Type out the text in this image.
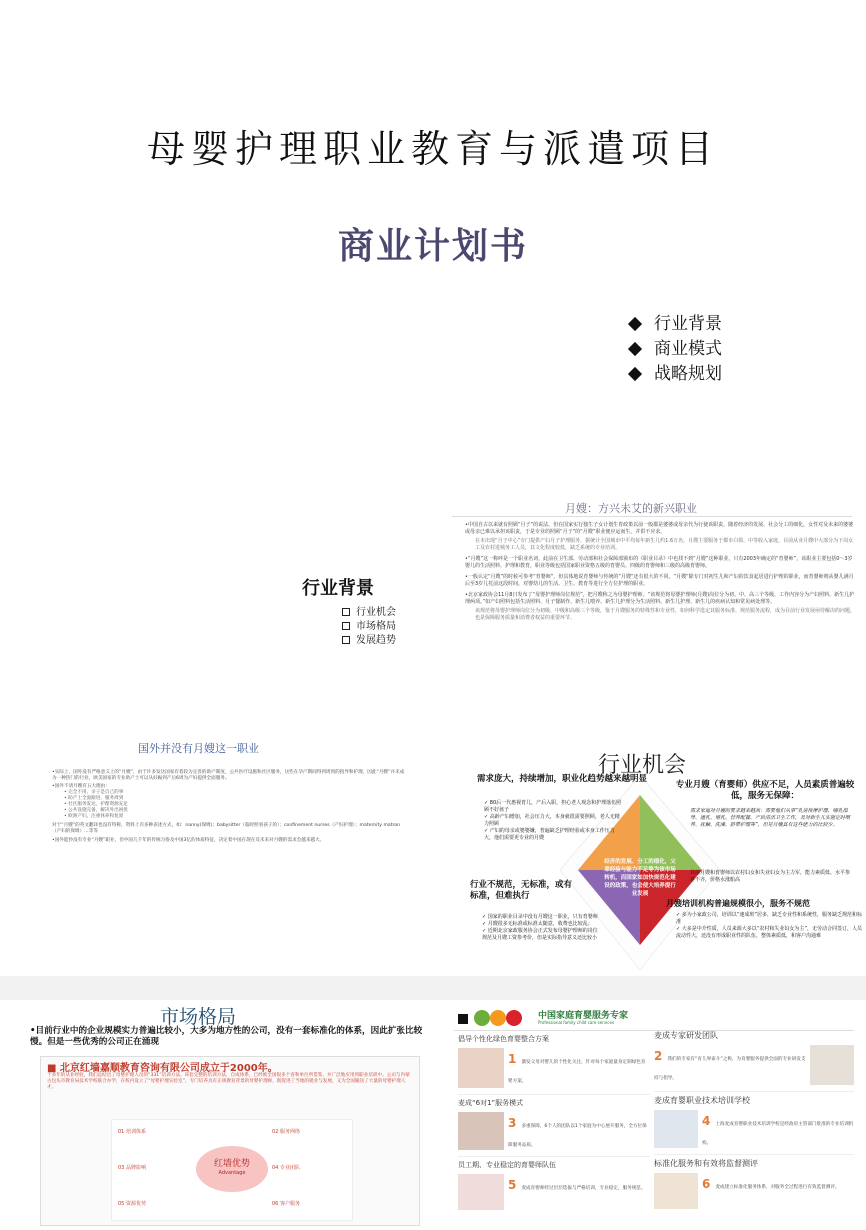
母婴护理职业教育与派遣项目
商业计划书
行业背景
商业模式
战略规划
月嫂：方兴未艾的新兴职业
行业背景
行业机会
市场格局
发展趋势
•中国自古以来就有照顾“月子”的说法，但在国家实行独生子女计划生育政策以前一般都是婆婆或母亲代为行使该职责。随着经济的发展、社会分工的细化，女性对及未来的婆婆或母亲已难以承担该职责，于是专业的照顾“月子”的“月嫂”职业便应运而生，并供不应求。
在本出现“月子中心”专门提供产妇月子护理服务，据统计全国城市中平均每年新生儿约1.6万名，月嫂主要服务于都市白领、中等收入家庭，目前从业月嫂中大部分为下岗女工及农村进城务工人员，其文化程度较低，缺乏系统的专业培训。
•“月嫂”这一称呼是一个职业名词，此前在卫生部、劳动部和社会保障部颁布的《职业目录》中也找不到“月嫂”这种职业，只有2003年确定的“育婴师”，该职业主要包括0～3岁婴儿的生活照料、护理和教育，职业等级包括国家职业资格五级的育婴员、四级的育婴师和三级的高级育婴师。
•一般认定“月嫂”的时候可参考“育婴师”，但具体地说育婴师与传统的“月嫂”还有很大的不同。“月嫂”除专门对初生儿和产妇的饮食起居进行护理的职业，而育婴师则从婴儿满月后至3岁儿托前这段时间，对婴幼儿的生活、卫生、教育等进行全方位护理的职业。
•北京家政协会11月8日发布了“母婴护理师岗位规范”，把月嫂称之为母婴护理师。“该规范将母婴护理师(月嫂)岗位分为初、中、高三个等级，工作内容分为产妇照料、新生儿护理两项。”如产妇照料包括生活照料、月子餐制作、新生儿喂养、新生儿护理分为生活照料、新生儿护理、新生儿的疾病认知和常见病处理等。
该规范将母婴护理师岗位分为初级、中级和高级三个等级，鉴于月嫂服务的特殊性和专业性，如何科学选定其服务标准、规范服务流程，成为目前行业发展亟待解决的问题，也是保障服务质量和消费者权益的重要环节。
国外并没有月嫂这一职业
•实际上，国外没有严格意义上的“月嫂”，由于许多发达国家有着较为完善的助产制度、公共医疗设施和社区服务，这些在孕产期间得到周到的指导和护理，因此“月嫂”并未成为一种热门的行业，欧美国家的专业助产士可以从妊娠到产后6周为产妇提供全面服务。
•国外不请月嫂有五大理由：
• 完全不用，亲子是自己的事
• 助产士全面跟进，服务周到
• 社区服务发达，护理资源充足
• 公共设施完备，解决外出困扰
• 欧洲产妇，注重休养和复原
对于“月嫂”的英文翻译也没有特称，资料上有多种表述方式，如：nanny(保姆)；babysitter（临时照看孩子的）；confinement nurses（产妇护理）；maternity matron（产妇的保姆）…等等
•国外能抄没有专业“月嫂”职业，但中国几千年的传统习俗及中国3亿的体质特征，决定着中国在现在及未来对月嫂的需求会越来越大。
行业机会
经济的发展、分工的细化，父辈经验与能力不足等为该市场转机，而国家如加快规范化建设的政策，也会使大培养提行业发展
需求庞大，持续增加，职业化趋势越来越明显
✓ 80后一代惠视育儿，产后入职，担心老人观念和护理落伍照顾不好孩子
✓ 高龄产妇增加，社会压力大，本身就很需要照顾，老人无精力照顾
✓ 产妇的母亲或婆婆嫌，普遍缺乏护理经验或本身工作压力大，他们需要更专业的月嫂
专业月嫂（育婴师）供应不足，人员素质普遍较低，服务无保障：
需求家庭对月嫂的要求越来越高：需要他们从事“乳房按摩护理、哺乳指导、通乳、增乳、营养配餐、产后清洁卫生工作，及对新生儿实施定时喂养、抚触、洗澡、脐带护理等”，但是月嫂具有这些能力的比较少。
目前月嫂和育婴师以农村妇女和失业妇女为主力军，能力素质低、水平参差不齐，价格水涨船高
行业不规范，无标准，或有标准，但难执行
✓ 国家的职业目录中没有月嫂这一职业，只有育婴师
✓ 月嫂很多无标准或标准太随意，收费也比较乱；
✓ 近期北京家政服务协会正式发布母婴护理师的岗位规范及月嫂工资参考价，但是实际指导意义还比较小
月嫂培训机构普遍规模很小，服务不规范
✓ 多为小家政公司，培训以“速成班”居多，缺乏专业性和系统性，服务缺乏规范和标准
✓ 大多是中介性质，人员来源大多以“农村和失业妇女为主”，无劳动合同签订，人员流动性大，还没有形成职业性的队伍，整体素质低，和客户沟通难
市场格局
•目前行业中的企业规模实力普遍比较小，大多为地方性的公司，没有一套标准化的体系，因此扩张比较慢。但是一些优秀的公司正在涌现
■ 北京红墙嘉顺教育咨询有限公司成立于2000年。
十多年的从业经验，我们总结出了母婴护理人员的“331”培训方法。该套完整的培训方法，自成体系，已经被全国很多个省和单位所借鉴，并广泛地应用到职业培训中。公司与内蒙古包头市教育局技术学校联合办学，在校内设立了“母婴护理实验室”，专门培养具有正规教育背景的母婴护理师，既促进了当地的就业与发展，又为全国输送了大量的母婴护理人才。
红墙优势
Advantage
01 培训体系	02 服务网络
03 品牌影响	04 专业团队
05 资源优势	06 客户服务
中国家庭育婴服务专家
Professional family child care services
倡导个性化绿色育婴整合方案
1 激发父母对婴儿的个性化关注，针对每个家庭量身定制绿色育婴方案。
麦成“6对1”服务模式
3 多重保障，6个人的团队以1个家庭为中心展开服务，全方位保障服务品质。
员工期、专业稳定的育婴师队伍
5 麦成育婴师经过层层选拔与严格培训，专业稳定，服务规范。
麦成专家研发团队
2 我们的专家有“育儿界泰斗”之称，为育婴服务提供全面的专业研发支持与指导。
麦成育婴职业技术培训学校
4 上海麦成育婴职业技术培训学校是经政府主管部门批准的专业培训机构。
标准化服务和有效将监督测评
6 麦成建立标准化服务体系，对服务全过程进行有效监督测评。
